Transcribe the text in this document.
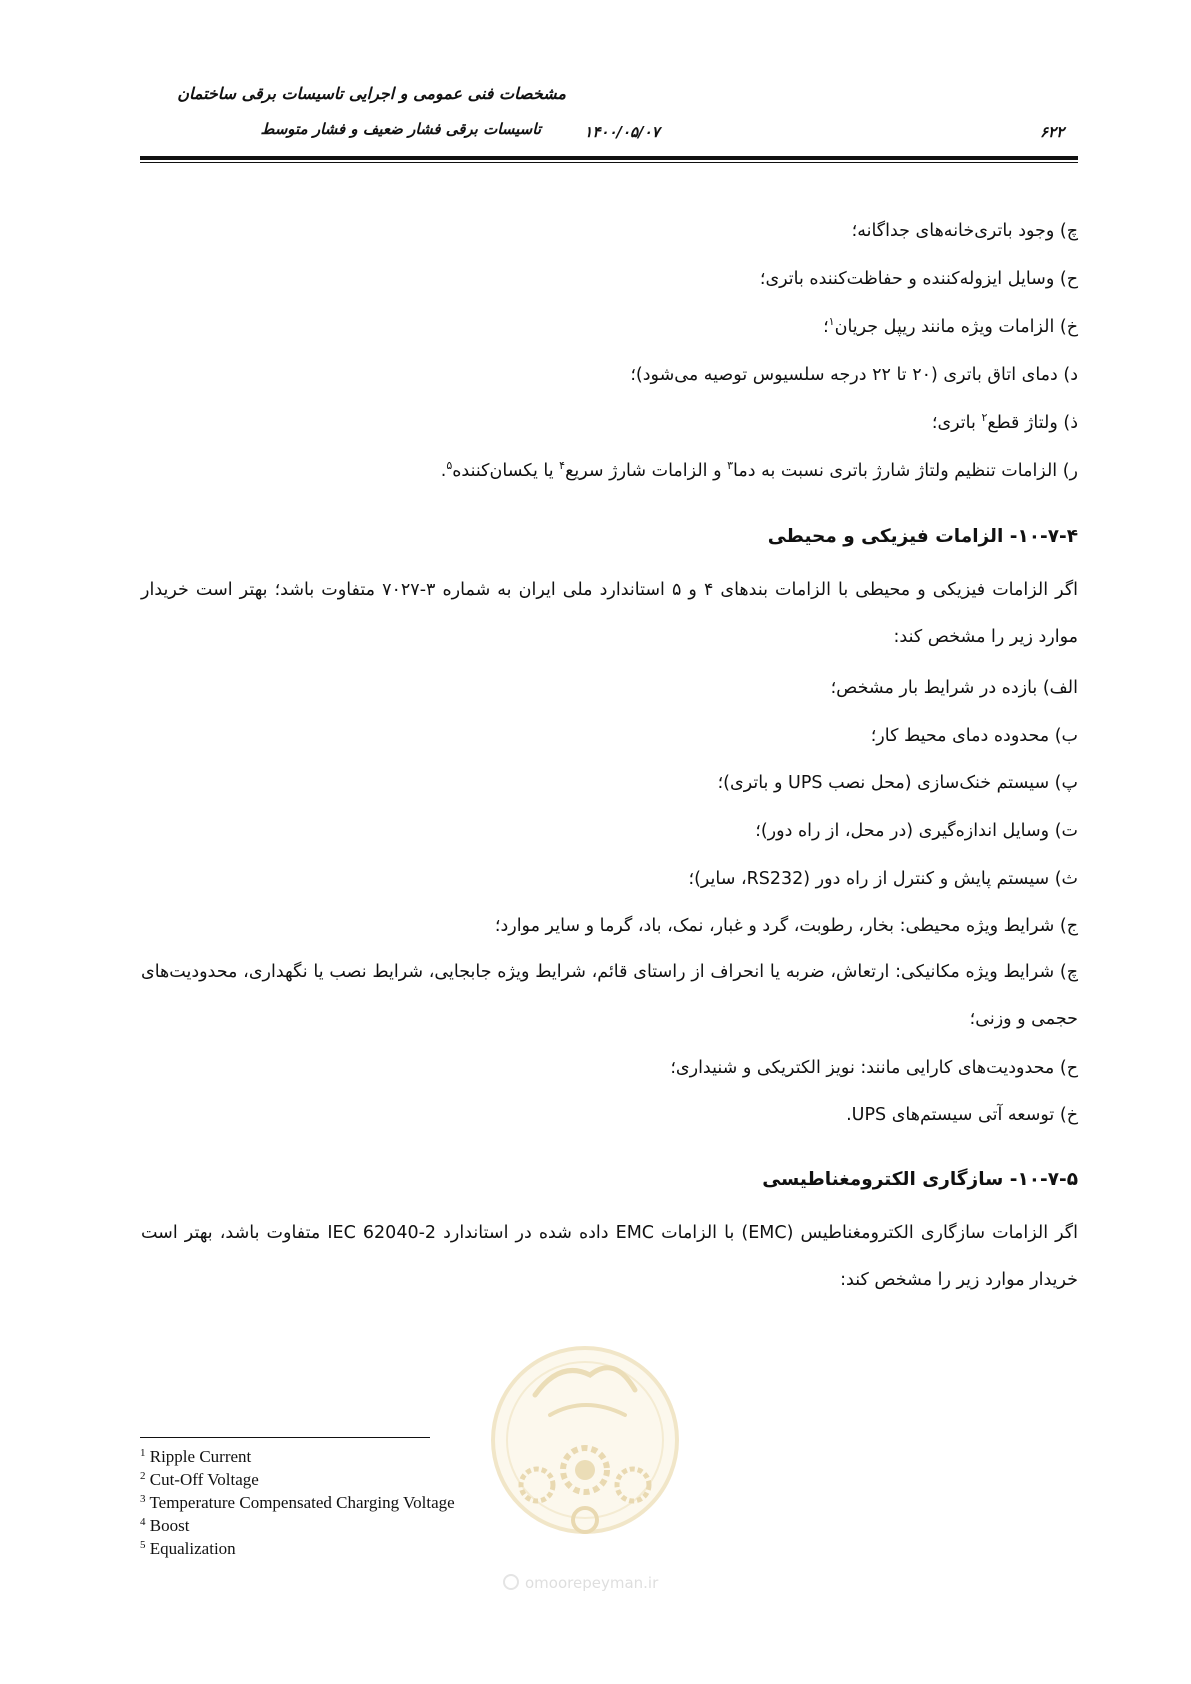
مشخصات فنی عمومی و اجرایی تاسیسات برقی ساختمان
تاسیسات برقی فشار ضعیف و فشار متوسط	۱۴۰۰/۰۵/۰۷	۶۲۲
چ) وجود باتری‌خانه‌های جداگانه؛
ح) وسایل ایزوله‌کننده و حفاظت‌کننده باتری؛
خ) الزامات ویژه مانند ریپل جریان$^۱$؛
د) دمای اتاق باتری (۲۰ تا ۲۲ درجه سلسیوس توصیه می‌شود)؛
ذ) ولتاژ قطع$^۲$ باتری؛
ر) الزامات تنظیم ولتاژ شارژ باتری نسبت به دما$^۳$ و الزامات شارژ سریع$^۴$ یا یکسان‌کننده$^۵$.
۱۰-۷-۴- الزامات فیزیکی و محیطی
اگر الزامات فیزیکی و محیطی با الزامات بندهای ۴ و ۵ استاندارد ملی ایران به شماره ۳-۷۰۲۷ متفاوت باشد؛ بهتر است خریدار موارد زیر را مشخص کند:
الف) بازده در شرایط بار مشخص؛
ب) محدوده دمای محیط کار؛
پ) سیستم خنک‌سازی (محل نصب UPS و باتری)؛
ت) وسایل اندازه‌گیری (در محل، از راه دور)؛
ث) سیستم پایش و کنترل از راه دور (RS232، سایر)؛
ج) شرایط ویژه محیطی: بخار، رطوبت، گرد و غبار، نمک، باد، گرما و سایر موارد؛
چ) شرایط ویژه مکانیکی: ارتعاش، ضربه یا انحراف از راستای قائم، شرایط ویژه جابجایی، شرایط نصب یا نگهداری، محدودیت‌های حجمی و وزنی؛
ح) محدودیت‌های کارایی مانند: نویز الکتریکی و شنیداری؛
خ) توسعه آتی سیستم‌های UPS.
۱۰-۷-۵- سازگاری الکترومغناطیسی
اگر الزامات سازگاری الکترومغناطیس (EMC) با الزامات EMC داده شده در استاندارد IEC 62040-2 متفاوت باشد، بهتر است خریدار موارد زیر را مشخص کند:
omoorepeyman.ir
$^1$ Ripple Current
$^2$ Cut-Off Voltage
$^3$ Temperature Compensated Charging Voltage
$^4$ Boost
$^5$ Equalization
